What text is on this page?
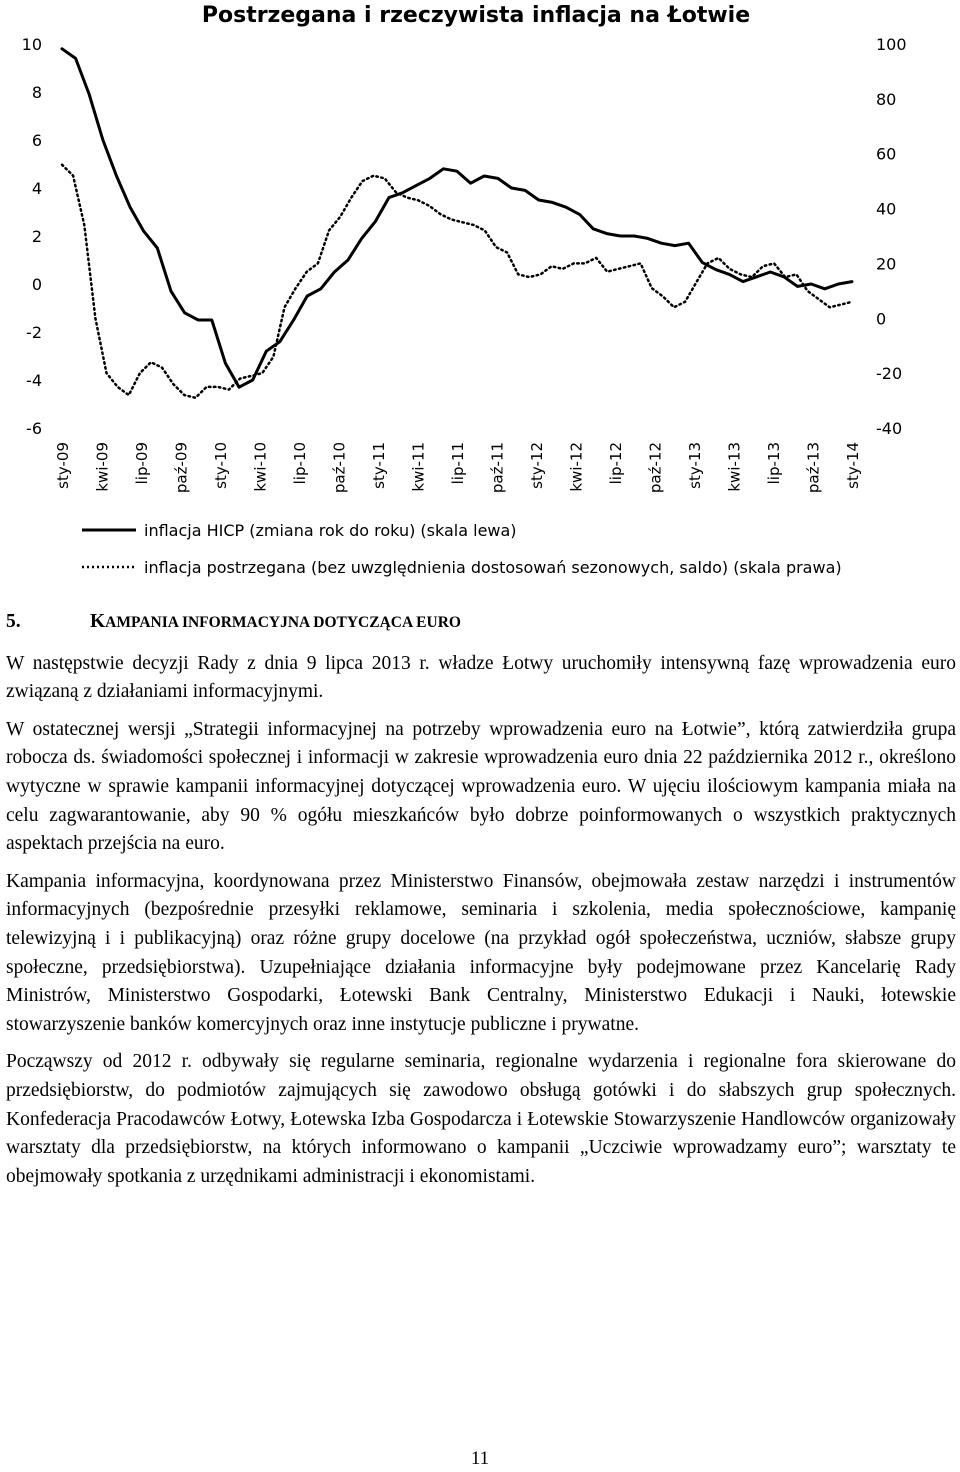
Postrzegana i rzeczywista inflacja na Łotwie
10
8
6
4
2
0
-2
-4
-6
100
80
60
40
20
0
-20
-40
sty-09 kwi-09 lip-09 paź-09 sty-10 kwi-10 lip-10 paź-10 sty-11 kwi-11 lip-11 paź-11 sty-12 kwi-12 lip-12 paź-12 sty-13 kwi-13 lip-13 paź-13 sty-14
inflacja HICP (zmiana rok do roku) (skala lewa)
inflacja postrzegana (bez uwzględnienia dostosowań sezonowych, saldo) (skala prawa)
5.	KAMPANIA INFORMACYJNA DOTYCZĄCA EURO

W następstwie decyzji Rady z dnia 9 lipca 2013 r. władze Łotwy uruchomiły intensywną fazę wprowadzenia euro związaną z działaniami informacyjnymi.

W ostatecznej wersji „Strategii informacyjnej na potrzeby wprowadzenia euro na Łotwie”, którą zatwierdziła grupa robocza ds. świadomości społecznej i informacji w zakresie wprowadzenia euro dnia 22 października 2012 r., określono wytyczne w sprawie kampanii informacyjnej dotyczącej wprowadzenia euro. W ujęciu ilościowym kampania miała na celu zagwarantowanie, aby 90 % ogółu mieszkańców było dobrze poinformowanych o wszystkich praktycznych aspektach przejścia na euro.

Kampania informacyjna, koordynowana przez Ministerstwo Finansów, obejmowała zestaw narzędzi i instrumentów informacyjnych (bezpośrednie przesyłki reklamowe, seminaria i szkolenia, media społecznościowe, kampanię telewizyjną i i publikacyjną) oraz różne grupy docelowe (na przykład ogół społeczeństwa, uczniów, słabsze grupy społeczne, przedsiębiorstwa). Uzupełniające działania informacyjne były podejmowane przez Kancelarię Rady Ministrów, Ministerstwo Gospodarki, Łotewski Bank Centralny, Ministerstwo Edukacji i Nauki, łotewskie stowarzyszenie banków komercyjnych oraz inne instytucje publiczne i prywatne.

Począwszy od 2012 r. odbywały się regularne seminaria, regionalne wydarzenia i regionalne fora skierowane do przedsiębiorstw, do podmiotów zajmujących się zawodowo obsługą gotówki i do słabszych grup społecznych. Konfederacja Pracodawców Łotwy, Łotewska Izba Gospodarcza i Łotewskie Stowarzyszenie Handlowców organizowały warsztaty dla przedsiębiorstw, na których informowano o kampanii „Uczciwie wprowadzamy euro”; warsztaty te obejmowały spotkania z urzędnikami administracji i ekonomistami.

11
